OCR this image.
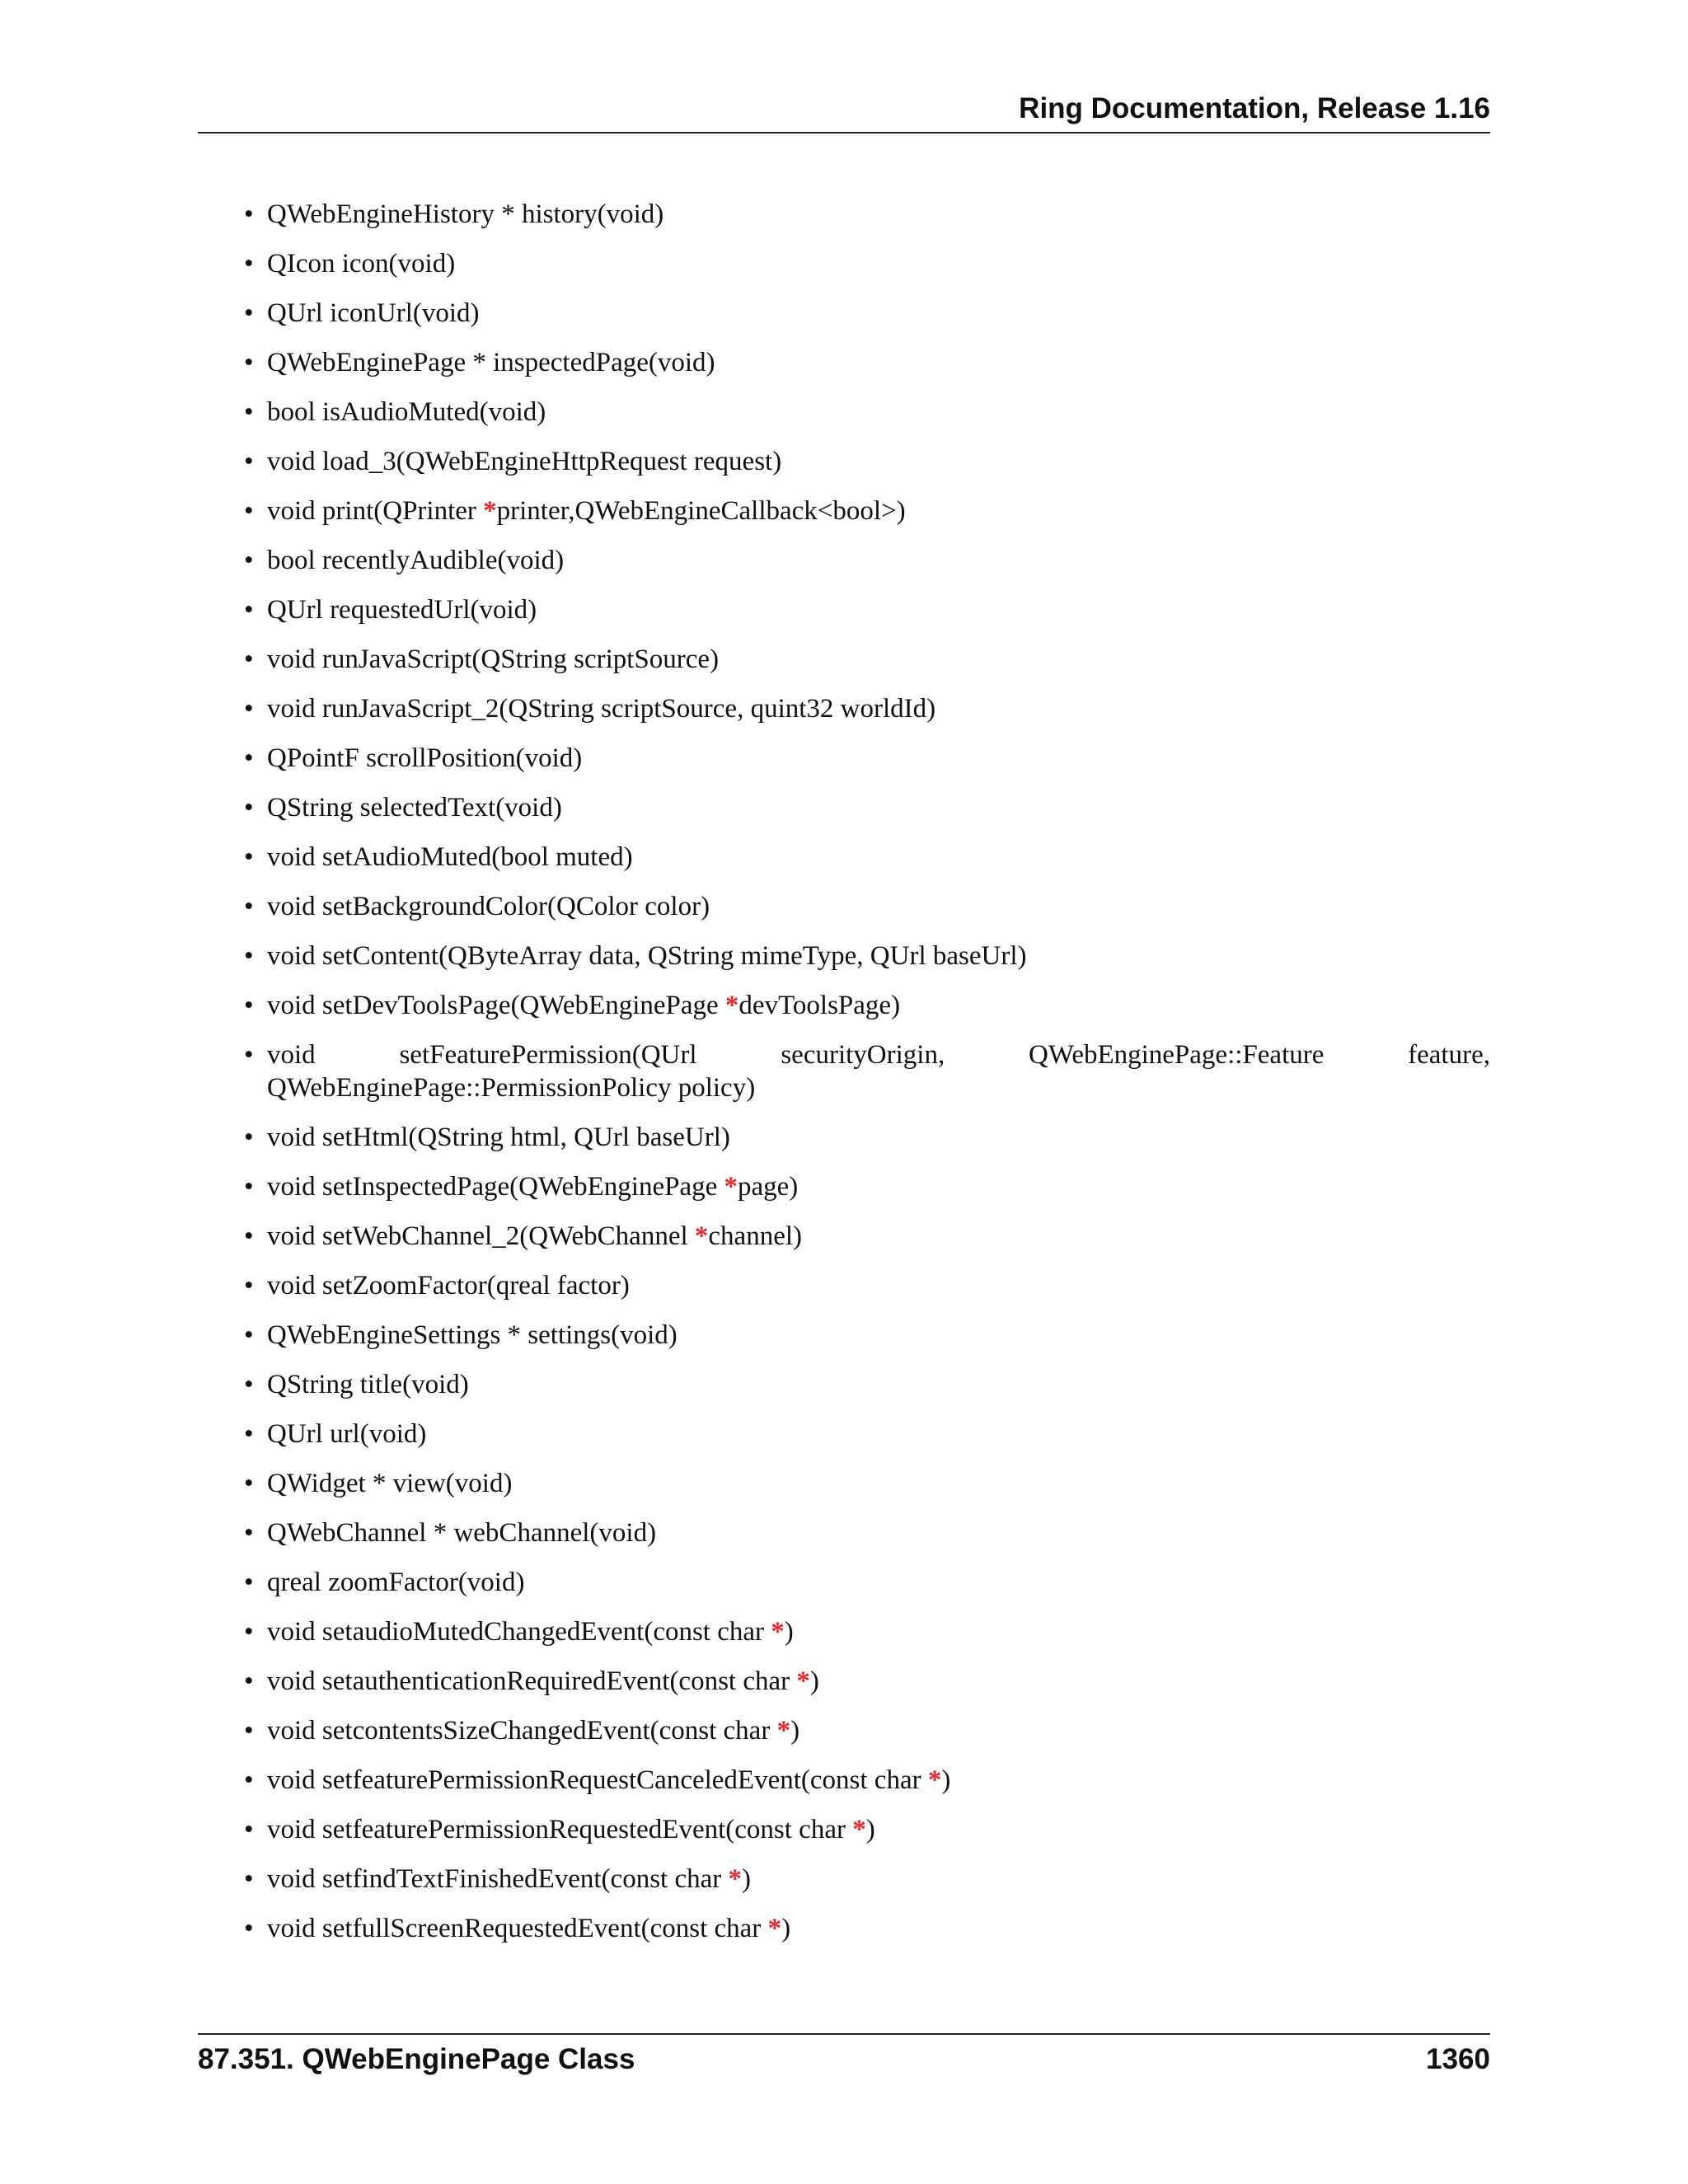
Ring Documentation, Release 1.16
• QWebEngineHistory * history(void)
• QIcon icon(void)
• QUrl iconUrl(void)
• QWebEnginePage * inspectedPage(void)
• bool isAudioMuted(void)
• void load_3(QWebEngineHttpRequest request)
• void print(QPrinter *printer,QWebEngineCallback<bool>)
• bool recentlyAudible(void)
• QUrl requestedUrl(void)
• void runJavaScript(QString scriptSource)
• void runJavaScript_2(QString scriptSource, quint32 worldId)
• QPointF scrollPosition(void)
• QString selectedText(void)
• void setAudioMuted(bool muted)
• void setBackgroundColor(QColor color)
• void setContent(QByteArray data, QString mimeType, QUrl baseUrl)
• void setDevToolsPage(QWebEnginePage *devToolsPage)
• void setFeaturePermission(QUrl securityOrigin, QWebEnginePage::Feature feature, QWebEnginePage::PermissionPolicy policy)
• void setHtml(QString html, QUrl baseUrl)
• void setInspectedPage(QWebEnginePage *page)
• void setWebChannel_2(QWebChannel *channel)
• void setZoomFactor(qreal factor)
• QWebEngineSettings * settings(void)
• QString title(void)
• QUrl url(void)
• QWidget * view(void)
• QWebChannel * webChannel(void)
• qreal zoomFactor(void)
• void setaudioMutedChangedEvent(const char *)
• void setauthenticationRequiredEvent(const char *)
• void setcontentsSizeChangedEvent(const char *)
• void setfeaturePermissionRequestCanceledEvent(const char *)
• void setfeaturePermissionRequestedEvent(const char *)
• void setfindTextFinishedEvent(const char *)
• void setfullScreenRequestedEvent(const char *)
87.351. QWebEnginePage Class	1360
